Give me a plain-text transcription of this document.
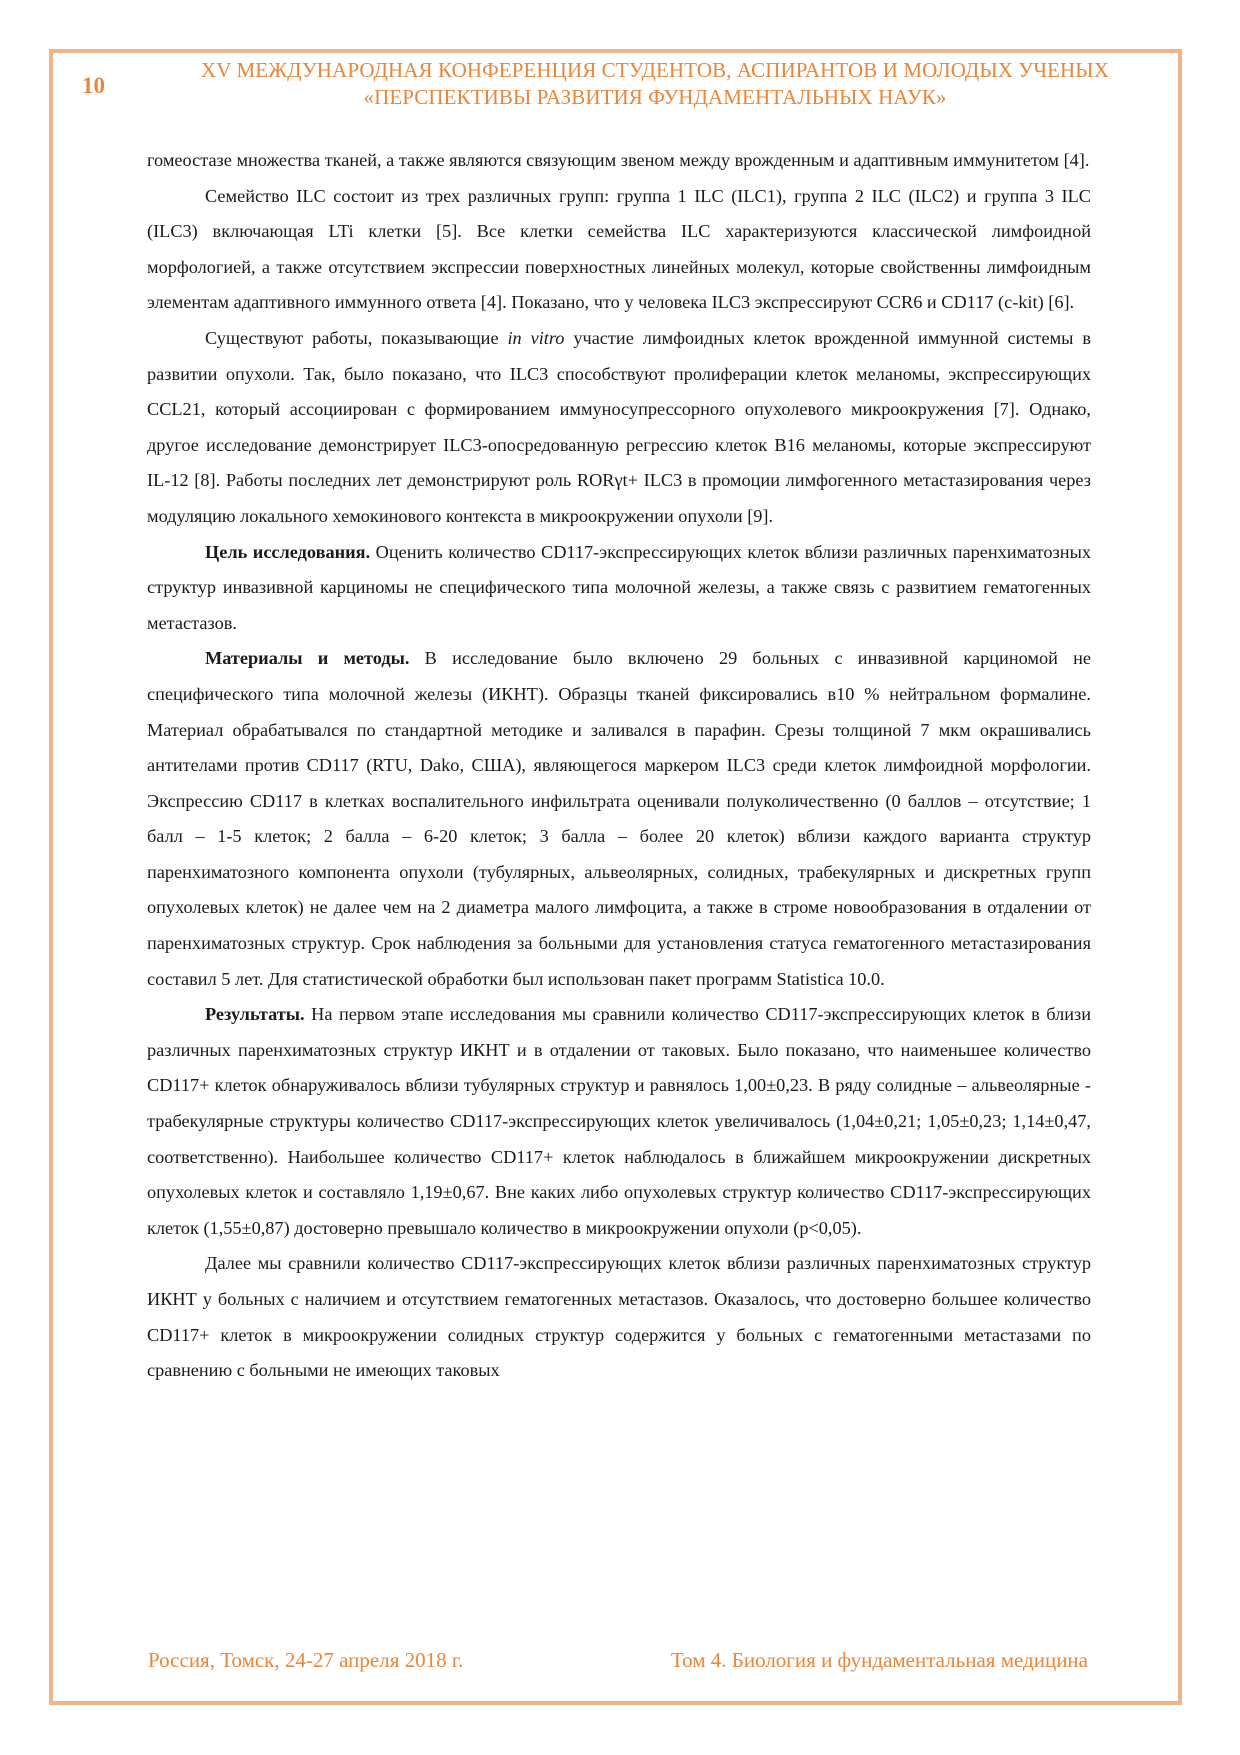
10
XV МЕЖДУНАРОДНАЯ КОНФЕРЕНЦИЯ СТУДЕНТОВ, АСПИРАНТОВ И МОЛОДЫХ УЧЕНЫХ
«ПЕРСПЕКТИВЫ РАЗВИТИЯ ФУНДАМЕНТАЛЬНЫХ НАУК»

гомеостазе множества тканей, а также являются связующим звеном между врожденным и адаптивным иммунитетом [4].

Семейство ILC состоит из трех различных групп: группа 1 ILC (ILC1), группа 2 ILC (ILC2) и группа 3 ILC (ILC3) включающая LTi клетки [5]. Все клетки семейства ILC характеризуются классической лимфоидной морфологией, а также отсутствием экспрессии поверхностных линейных молекул, которые свойственны лимфоидным элементам адаптивного иммунного ответа [4]. Показано, что у человека ILC3 экспрессируют CCR6 и CD117 (c-kit) [6].

Существуют работы, показывающие in vitro участие лимфоидных клеток врожденной иммунной системы в развитии опухоли. Так, было показано, что ILC3 способствуют пролиферации клеток меланомы, экспрессирующих CCL21, который ассоциирован с формированием иммуносупрессорного опухолевого микроокружения [7]. Однако, другое исследование демонстрирует ILC3-опосредованную регрессию клеток B16 меланомы, которые экспрессируют IL-12 [8]. Работы последних лет демонстрируют роль RORγt+ ILC3 в промоции лимфогенного метастазирования через модуляцию локального хемокинового контекста в микроокружении опухоли [9].

Цель исследования. Оценить количество CD117-экспрессирующих клеток вблизи различных паренхиматозных структур инвазивной карциномы не специфического типа молочной железы, а также связь с развитием гематогенных метастазов.

Материалы и методы. В исследование было включено 29 больных с инвазивной карциномой не специфического типа молочной железы (ИКНТ). Образцы тканей фиксировались в10 % нейтральном формалине. Материал обрабатывался по стандартной методике и заливался в парафин. Срезы толщиной 7 мкм окрашивались антителами против CD117 (RTU, Dako, США), являющегося маркером ILC3 среди клеток лимфоидной морфологии. Экспрессию CD117 в клетках воспалительного инфильтрата оценивали полуколичественно (0 баллов – отсутствие; 1 балл – 1-5 клеток; 2 балла – 6-20 клеток; 3 балла – более 20 клеток) вблизи каждого варианта структур паренхиматозного компонента опухоли (тубулярных, альвеолярных, солидных, трабекулярных и дискретных групп опухолевых клеток) не далее чем на 2 диаметра малого лимфоцита, а также в строме новообразования в отдалении от паренхиматозных структур. Срок наблюдения за больными для установления статуса гематогенного метастазирования составил 5 лет. Для статистической обработки был использован пакет программ Statistica 10.0.

Результаты. На первом этапе исследования мы сравнили количество CD117-экспрессирующих клеток в близи различных паренхиматозных структур ИКНТ и в отдалении от таковых. Было показано, что наименьшее количество CD117+ клеток обнаруживалось вблизи тубулярных структур и равнялось 1,00±0,23. В ряду солидные – альвеолярные - трабекулярные структуры количество CD117-экспрессирующих клеток увеличивалось (1,04±0,21; 1,05±0,23; 1,14±0,47, соответственно). Наибольшее количество CD117+ клеток наблюдалось в ближайшем микроокружении дискретных опухолевых клеток и составляло 1,19±0,67. Вне каких либо опухолевых структур количество CD117-экспрессирующих клеток (1,55±0,87) достоверно превышало количество в микроокружении опухоли (p<0,05).

Далее мы сравнили количество CD117-экспрессирующих клеток вблизи различных паренхиматозных структур ИКНТ у больных с наличием и отсутствием гематогенных метастазов. Оказалось, что достоверно большее количество CD117+ клеток в микроокружении солидных структур содержится у больных с гематогенными метастазами по сравнению с больными не имеющих таковых

Россия, Томск, 24-27 апреля 2018 г.	Том 4. Биология и фундаментальная медицина
